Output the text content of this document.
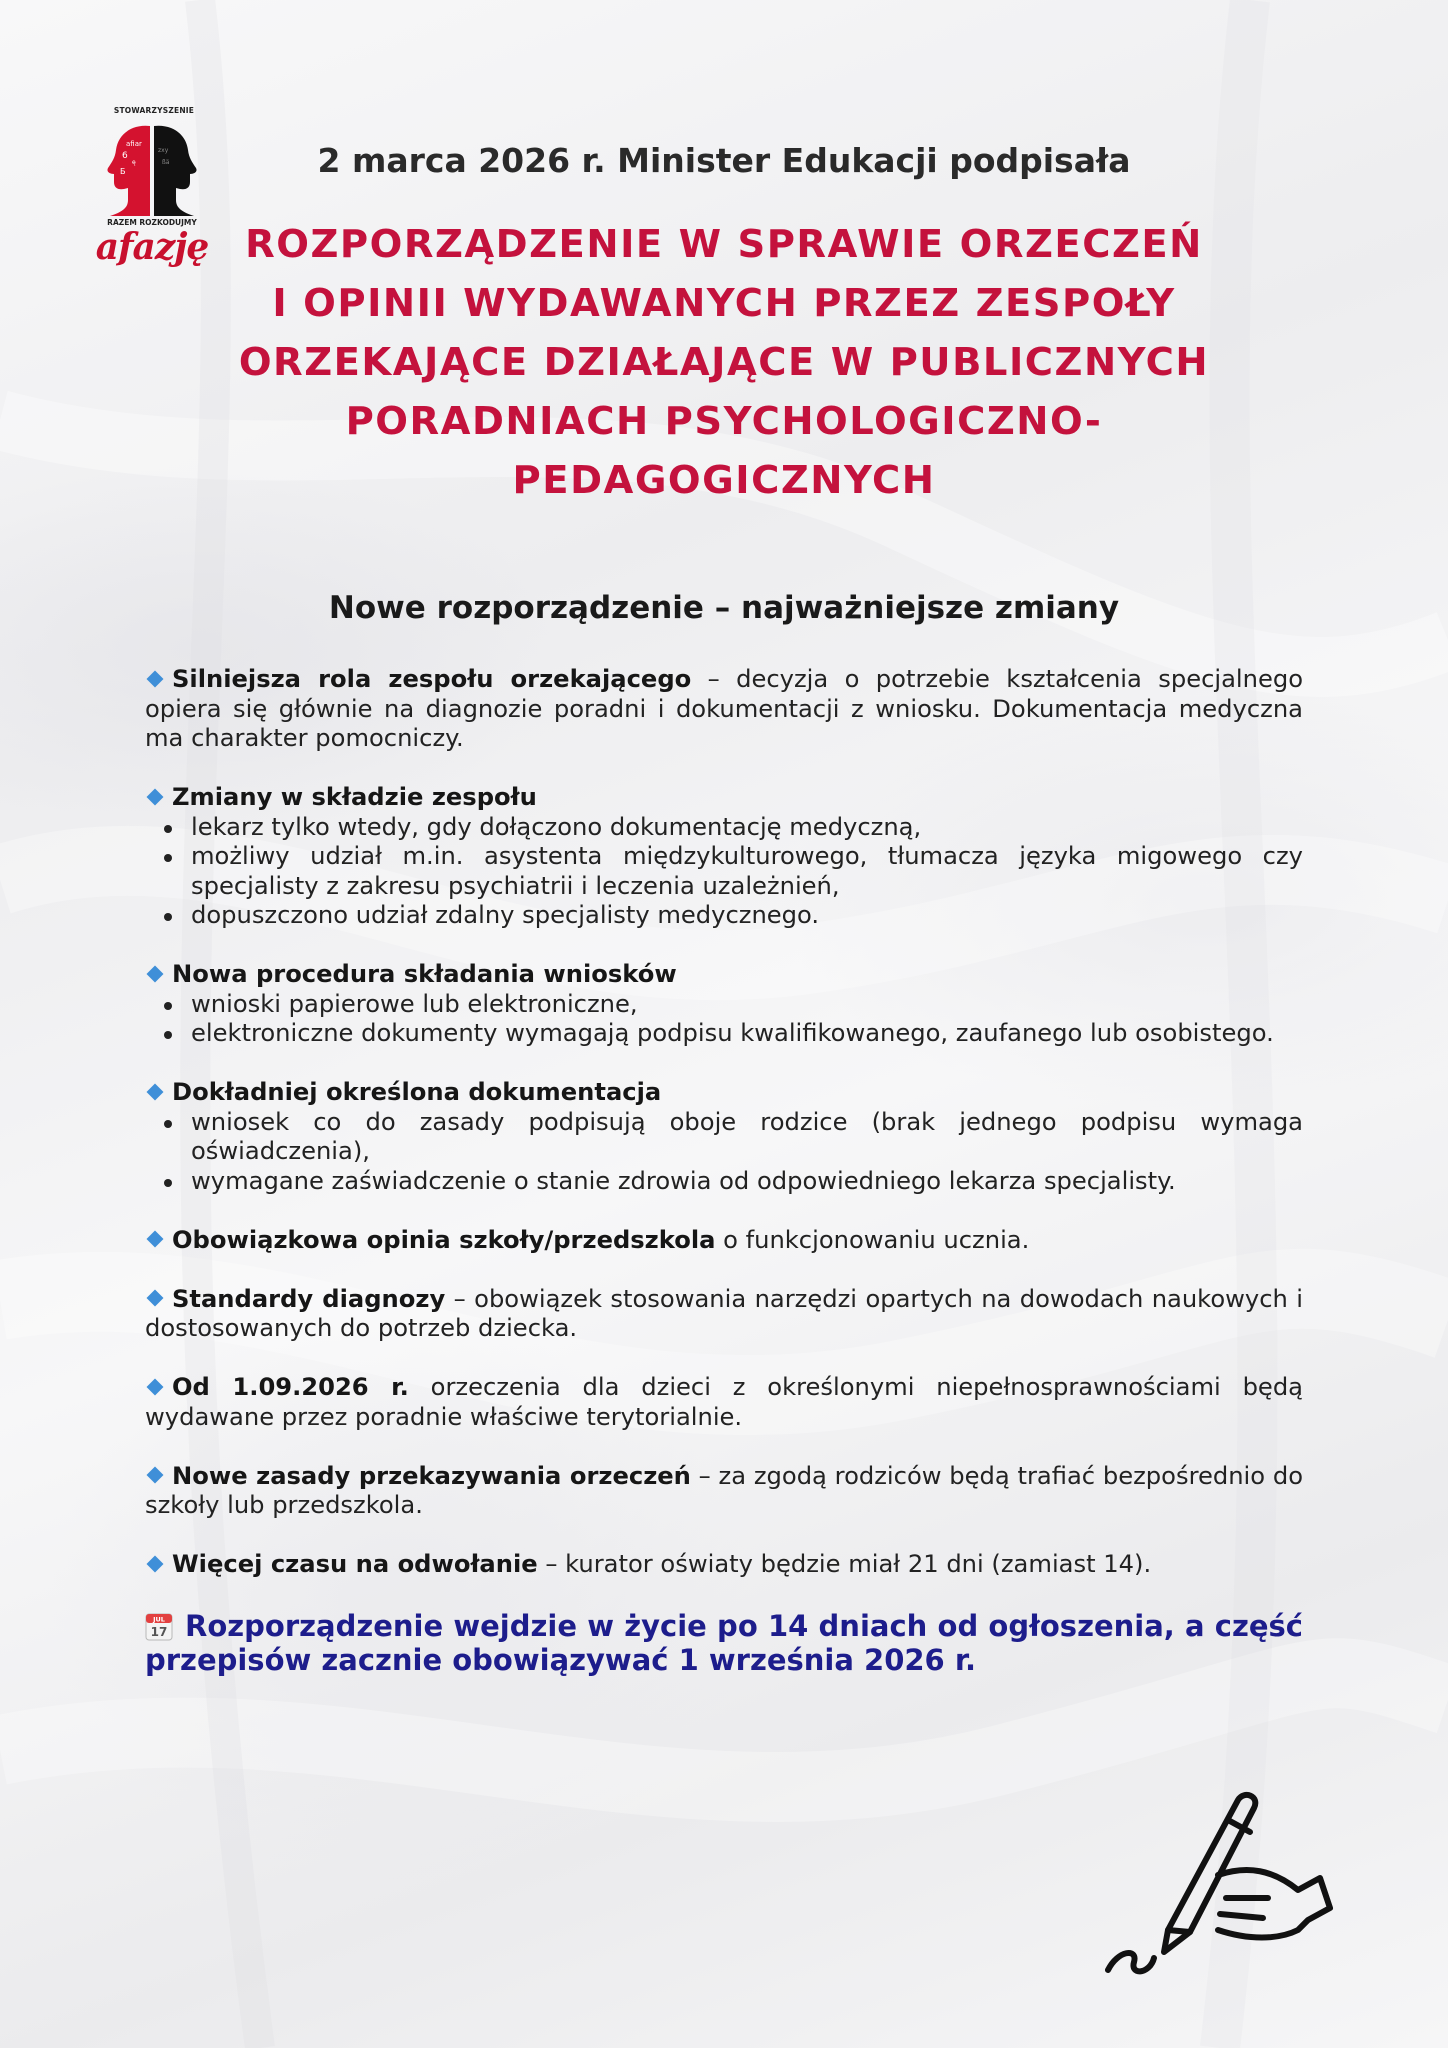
STOWARZYSZENIE
afiar
6
ę
Б
zxy
ßä
RAZEM ROZKODUJMY
afazję
2 marca 2026 r. Minister Edukacji podpisała
ROZPORZĄDZENIE W SPRAWIE ORZECZEŃ
I OPINII WYDAWANYCH PRZEZ ZESPOŁY
ORZEKAJĄCE DZIAŁAJĄCE W PUBLICZNYCH
PORADNIACH PSYCHOLOGICZNO-
PEDAGOGICZNYCH
Nowe rozporządzenie – najważniejsze zmiany
Silniejsza rola zespołu orzekającego – decyzja o potrzebie kształcenia specjalnego opiera się głównie na diagnozie poradni i dokumentacji z wniosku. Dokumentacja medyczna ma charakter pomocniczy.
Zmiany w składzie zespołu
lekarz tylko wtedy, gdy dołączono dokumentację medyczną,
możliwy udział m.in. asystenta międzykulturowego, tłumacza języka migowego czy specjalisty z zakresu psychiatrii i leczenia uzależnień,
dopuszczono udział zdalny specjalisty medycznego.
Nowa procedura składania wniosków
wnioski papierowe lub elektroniczne,
elektroniczne dokumenty wymagają podpisu kwalifikowanego, zaufanego lub osobistego.
Dokładniej określona dokumentacja
wniosek co do zasady podpisują oboje rodzice (brak jednego podpisu wymaga oświadczenia),
wymagane zaświadczenie o stanie zdrowia od odpowiedniego lekarza specjalisty.
Obowiązkowa opinia szkoły/przedszkola o funkcjonowaniu ucznia.
Standardy diagnozy – obowiązek stosowania narzędzi opartych na dowodach naukowych i dostosowanych do potrzeb dziecka.
Od 1.09.2026 r. orzeczenia dla dzieci z określonymi niepełnosprawnościami będą wydawane przez poradnie właściwe terytorialnie.
Nowe zasady przekazywania orzeczeń – za zgodą rodziców będą trafiać bezpośrednio do szkoły lub przedszkola.
Więcej czasu na odwołanie – kurator oświaty będzie miał 21 dni (zamiast 14).
JUL
17 Rozporządzenie wejdzie w życie po 14 dniach od ogłoszenia, a część przepisów zacznie obowiązywać 1 września 2026 r.
